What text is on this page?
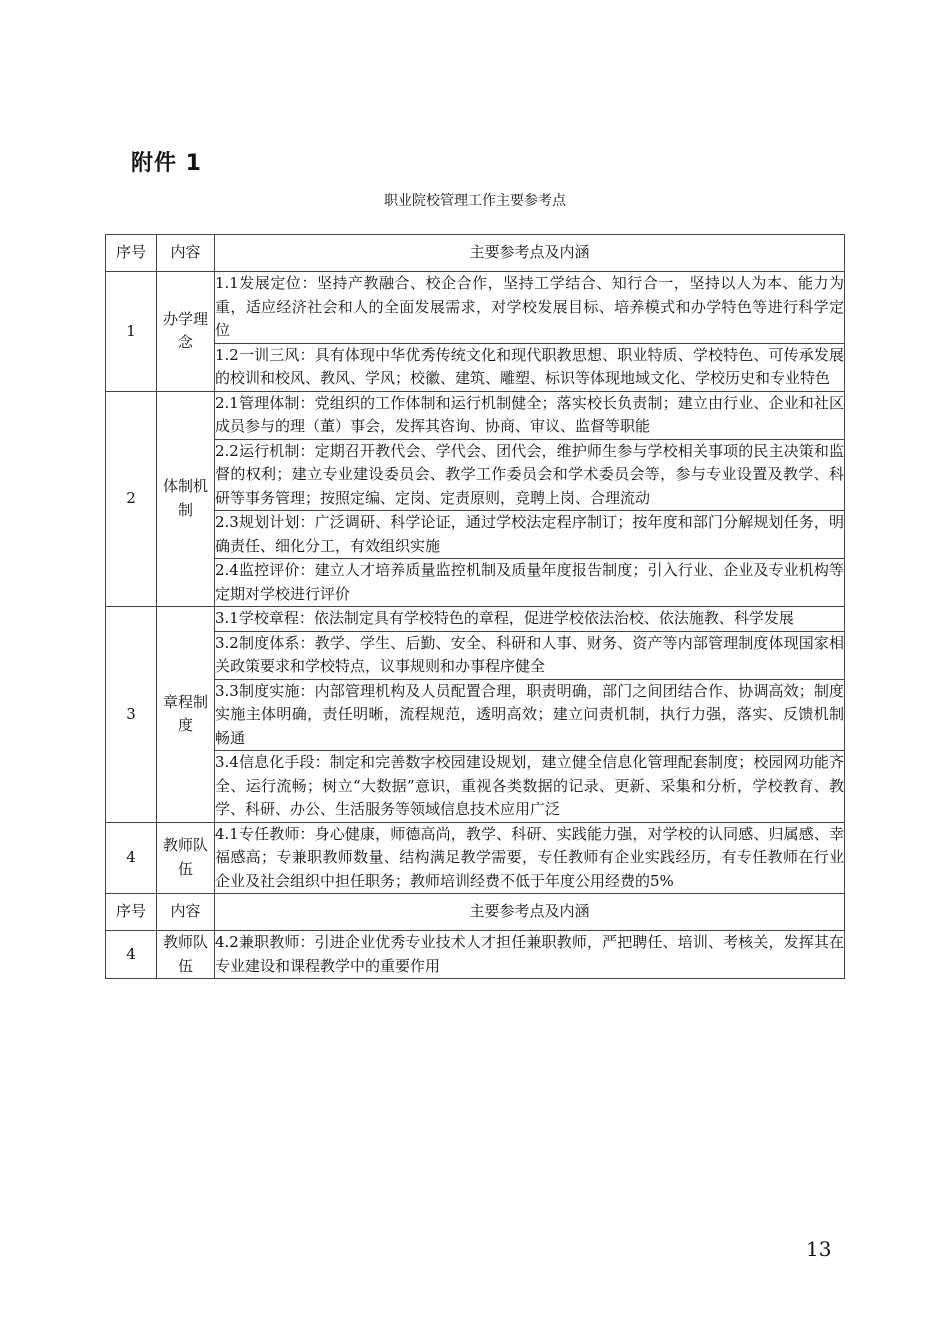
附件 1
职业院校管理工作主要参考点
序号	内容	主要参考点及内涵
1	办学理念	1.1发展定位：坚持产教融合、校企合作，坚持工学结合、知行合一，坚持以人为本、能力为重，适应经济社会和人的全面发展需求，对学校发展目标、培养模式和办学特色等进行科学定位
		1.2一训三风：具有体现中华优秀传统文化和现代职教思想、职业特质、学校特色、可传承发展的校训和校风、教风、学风；校徽、建筑、雕塑、标识等体现地域文化、学校历史和专业特色
2	体制机制	2.1管理体制：党组织的工作体制和运行机制健全；落实校长负责制；建立由行业、企业和社区成员参与的理（董）事会，发挥其咨询、协商、审议、监督等职能
		2.2运行机制：定期召开教代会、学代会、团代会，维护师生参与学校相关事项的民主决策和监督的权利；建立专业建设委员会、教学工作委员会和学术委员会等，参与专业设置及教学、科研等事务管理；按照定编、定岗、定责原则，竞聘上岗、合理流动
		2.3规划计划：广泛调研、科学论证，通过学校法定程序制订；按年度和部门分解规划任务，明确责任、细化分工，有效组织实施
		2.4监控评价：建立人才培养质量监控机制及质量年度报告制度；引入行业、企业及专业机构等定期对学校进行评价
3	章程制度	3.1学校章程：依法制定具有学校特色的章程，促进学校依法治校、依法施教、科学发展
		3.2制度体系：教学、学生、后勤、安全、科研和人事、财务、资产等内部管理制度体现国家相关政策要求和学校特点，议事规则和办事程序健全
		3.3制度实施：内部管理机构及人员配置合理，职责明确，部门之间团结合作、协调高效；制度实施主体明确，责任明晰，流程规范，透明高效；建立问责机制，执行力强，落实、反馈机制畅通
		3.4信息化手段：制定和完善数字校园建设规划，建立健全信息化管理配套制度；校园网功能齐全、运行流畅；树立“大数据”意识，重视各类数据的记录、更新、采集和分析，学校教育、教学、科研、办公、生活服务等领域信息技术应用广泛
4	教师队伍	4.1专任教师：身心健康，师德高尚，教学、科研、实践能力强，对学校的认同感、归属感、幸福感高；专兼职教师数量、结构满足教学需要，专任教师有企业实践经历，有专任教师在行业企业及社会组织中担任职务；教师培训经费不低于年度公用经费的5%
序号	内容	主要参考点及内涵
4	教师队伍	4.2兼职教师：引进企业优秀专业技术人才担任兼职教师，严把聘任、培训、考核关，发挥其在专业建设和课程教学中的重要作用
13
